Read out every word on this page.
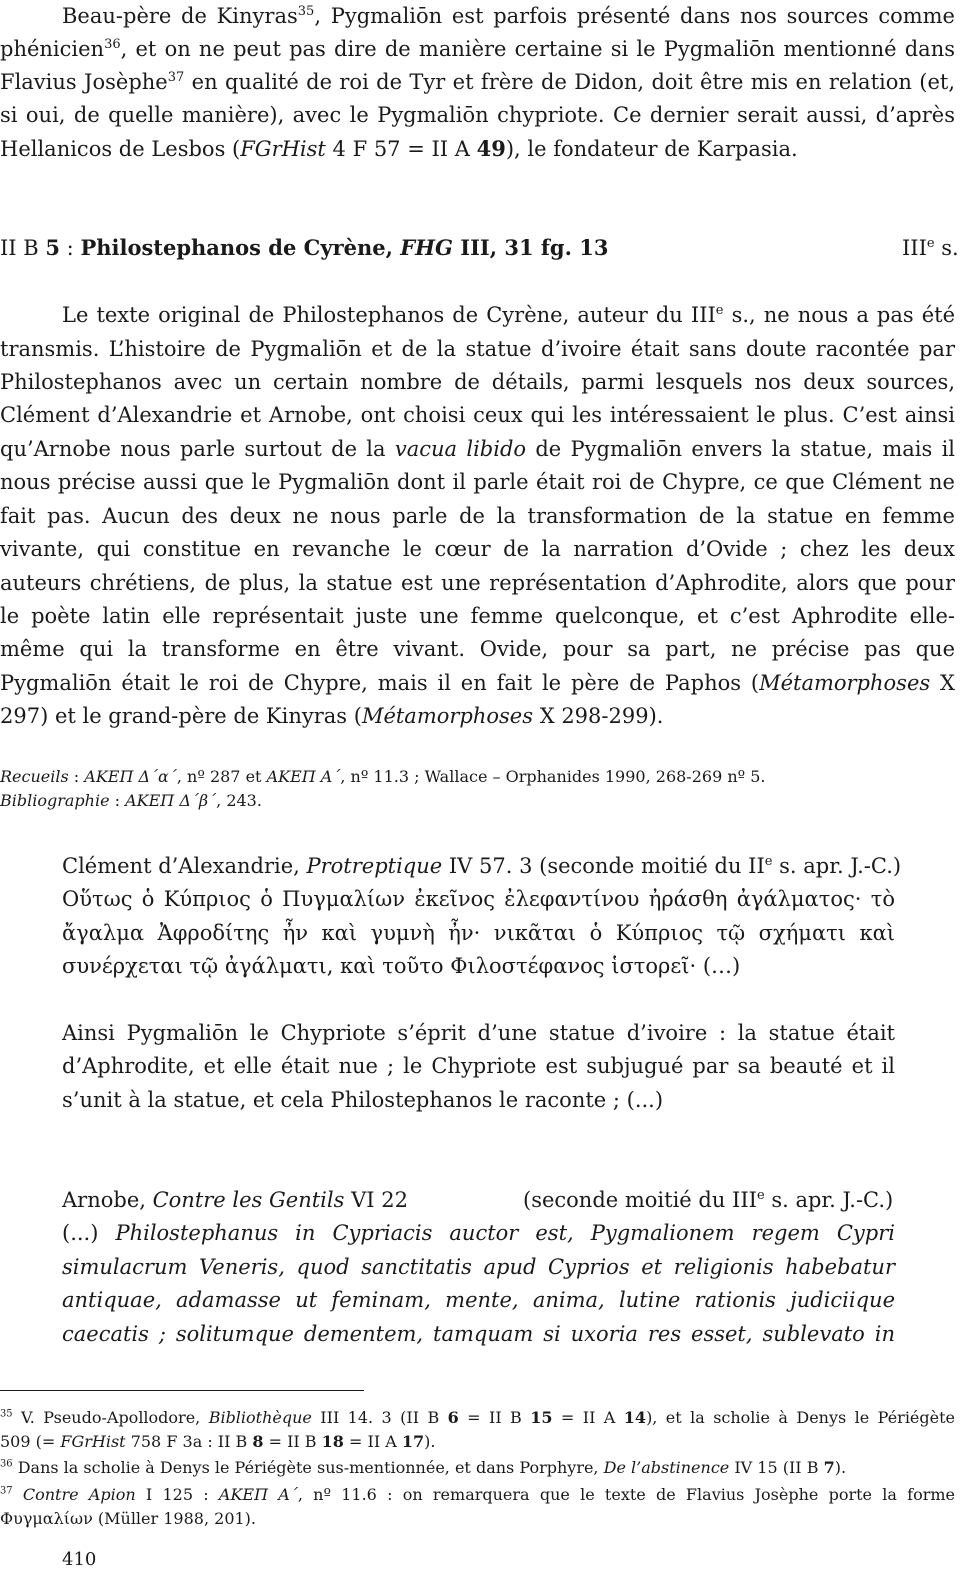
Beau-père de Kinyras$^{35}$, Pygmaliōn est parfois présenté dans nos sources comme
phénicien$^{36}$, et on ne peut pas dire de manière certaine si le Pygmaliōn mentionné dans
Flavius Josèphe$^{37}$ en qualité de roi de Tyr et frère de Didon, doit être mis en relation (et,
si oui, de quelle manière), avec le Pygmaliōn chypriote. Ce dernier serait aussi, d’après
Hellanicos de Lesbos (FGrHist 4 F 57 = II A 49), le fondateur de Karpasia.
II B 5 : Philostephanos de Cyrène, FHG III, 31 fg. 13	IIIe s.
Le texte original de Philostephanos de Cyrène, auteur du IIIe s., ne nous a pas été
transmis. L’histoire de Pygmaliōn et de la statue d’ivoire était sans doute racontée par
Philostephanos avec un certain nombre de détails, parmi lesquels nos deux sources,
Clément d’Alexandrie et Arnobe, ont choisi ceux qui les intéressaient le plus. C’est ainsi
qu’Arnobe nous parle surtout de la vacua libido de Pygmaliōn envers la statue, mais il
nous précise aussi que le Pygmaliōn dont il parle était roi de Chypre, ce que Clément ne
fait pas. Aucun des deux ne nous parle de la transformation de la statue en femme
vivante, qui constitue en revanche le cœur de la narration d’Ovide ; chez les deux
auteurs chrétiens, de plus, la statue est une représentation d’Aphrodite, alors que pour
le poète latin elle représentait juste une femme quelconque, et c’est Aphrodite elle-
même qui la transforme en être vivant. Ovide, pour sa part, ne précise pas que
Pygmaliōn était le roi de Chypre, mais il en fait le père de Paphos (Métamorphoses X
297) et le grand-père de Kinyras (Métamorphoses X 298-299).
Recueils : ΑΚΕΠ Δ΄α΄, nº 287 et ΑΚΕΠ Α΄, nº 11.3 ; Wallace – Orphanides 1990, 268-269 nº 5.
Bibliographie : ΑΚΕΠ Δ΄β΄, 243.
Clément d’Alexandrie, Protreptique IV 57. 3 (seconde moitié du IIe s. apr. J.-C.)
Οὕτως ὁ Κύπριος ὁ Πυγμαλίων ἐκεῖνος ἐλεφαντίνου ἠράσθη ἀγάλματος· τὸ
ἄγαλμα Ἀφροδίτης ἦν καὶ γυμνὴ ἦν· νικᾶται ὁ Κύπριος τῷ σχήματι καὶ
συνέρχεται τῷ ἀγάλματι, καὶ τοῦτο Φιλοστέφανος ἱστορεῖ· (…)
Ainsi Pygmaliōn le Chypriote s’éprit d’une statue d’ivoire : la statue était
d’Aphrodite, et elle était nue ; le Chypriote est subjugué par sa beauté et il
s’unit à la statue, et cela Philostephanos le raconte ; (...)
Arnobe, Contre les Gentils VI 22	(seconde moitié du IIIe s. apr. J.-C.)
(...) Philostephanus in Cypriacis auctor est, Pygmalionem regem Cypri
simulacrum Veneris, quod sanctitatis apud Cyprios et religionis habebatur
antiquae, adamasse ut feminam, mente, anima, lutine rationis judiciique
caecatis ; solitumque dementem, tamquam si uxoria res esset, sublevato in
$^{35}$ V. Pseudo-Apollodore, Bibliothèque III 14. 3 (II B 6 = II B 15 = II A 14), et la scholie à Denys le Périégète
509 (= FGrHist 758 F 3a : II B 8 = II B 18 = II A 17).
$^{36}$ Dans la scholie à Denys le Périégète sus-mentionnée, et dans Porphyre, De l’abstinence IV 15 (II B 7).
$^{37}$ Contre Apion I 125 : ΑΚΕΠ Α΄, nº 11.6 : on remarquera que le texte de Flavius Josèphe porte la forme
Φυγμαλίων (Müller 1988, 201).
410
